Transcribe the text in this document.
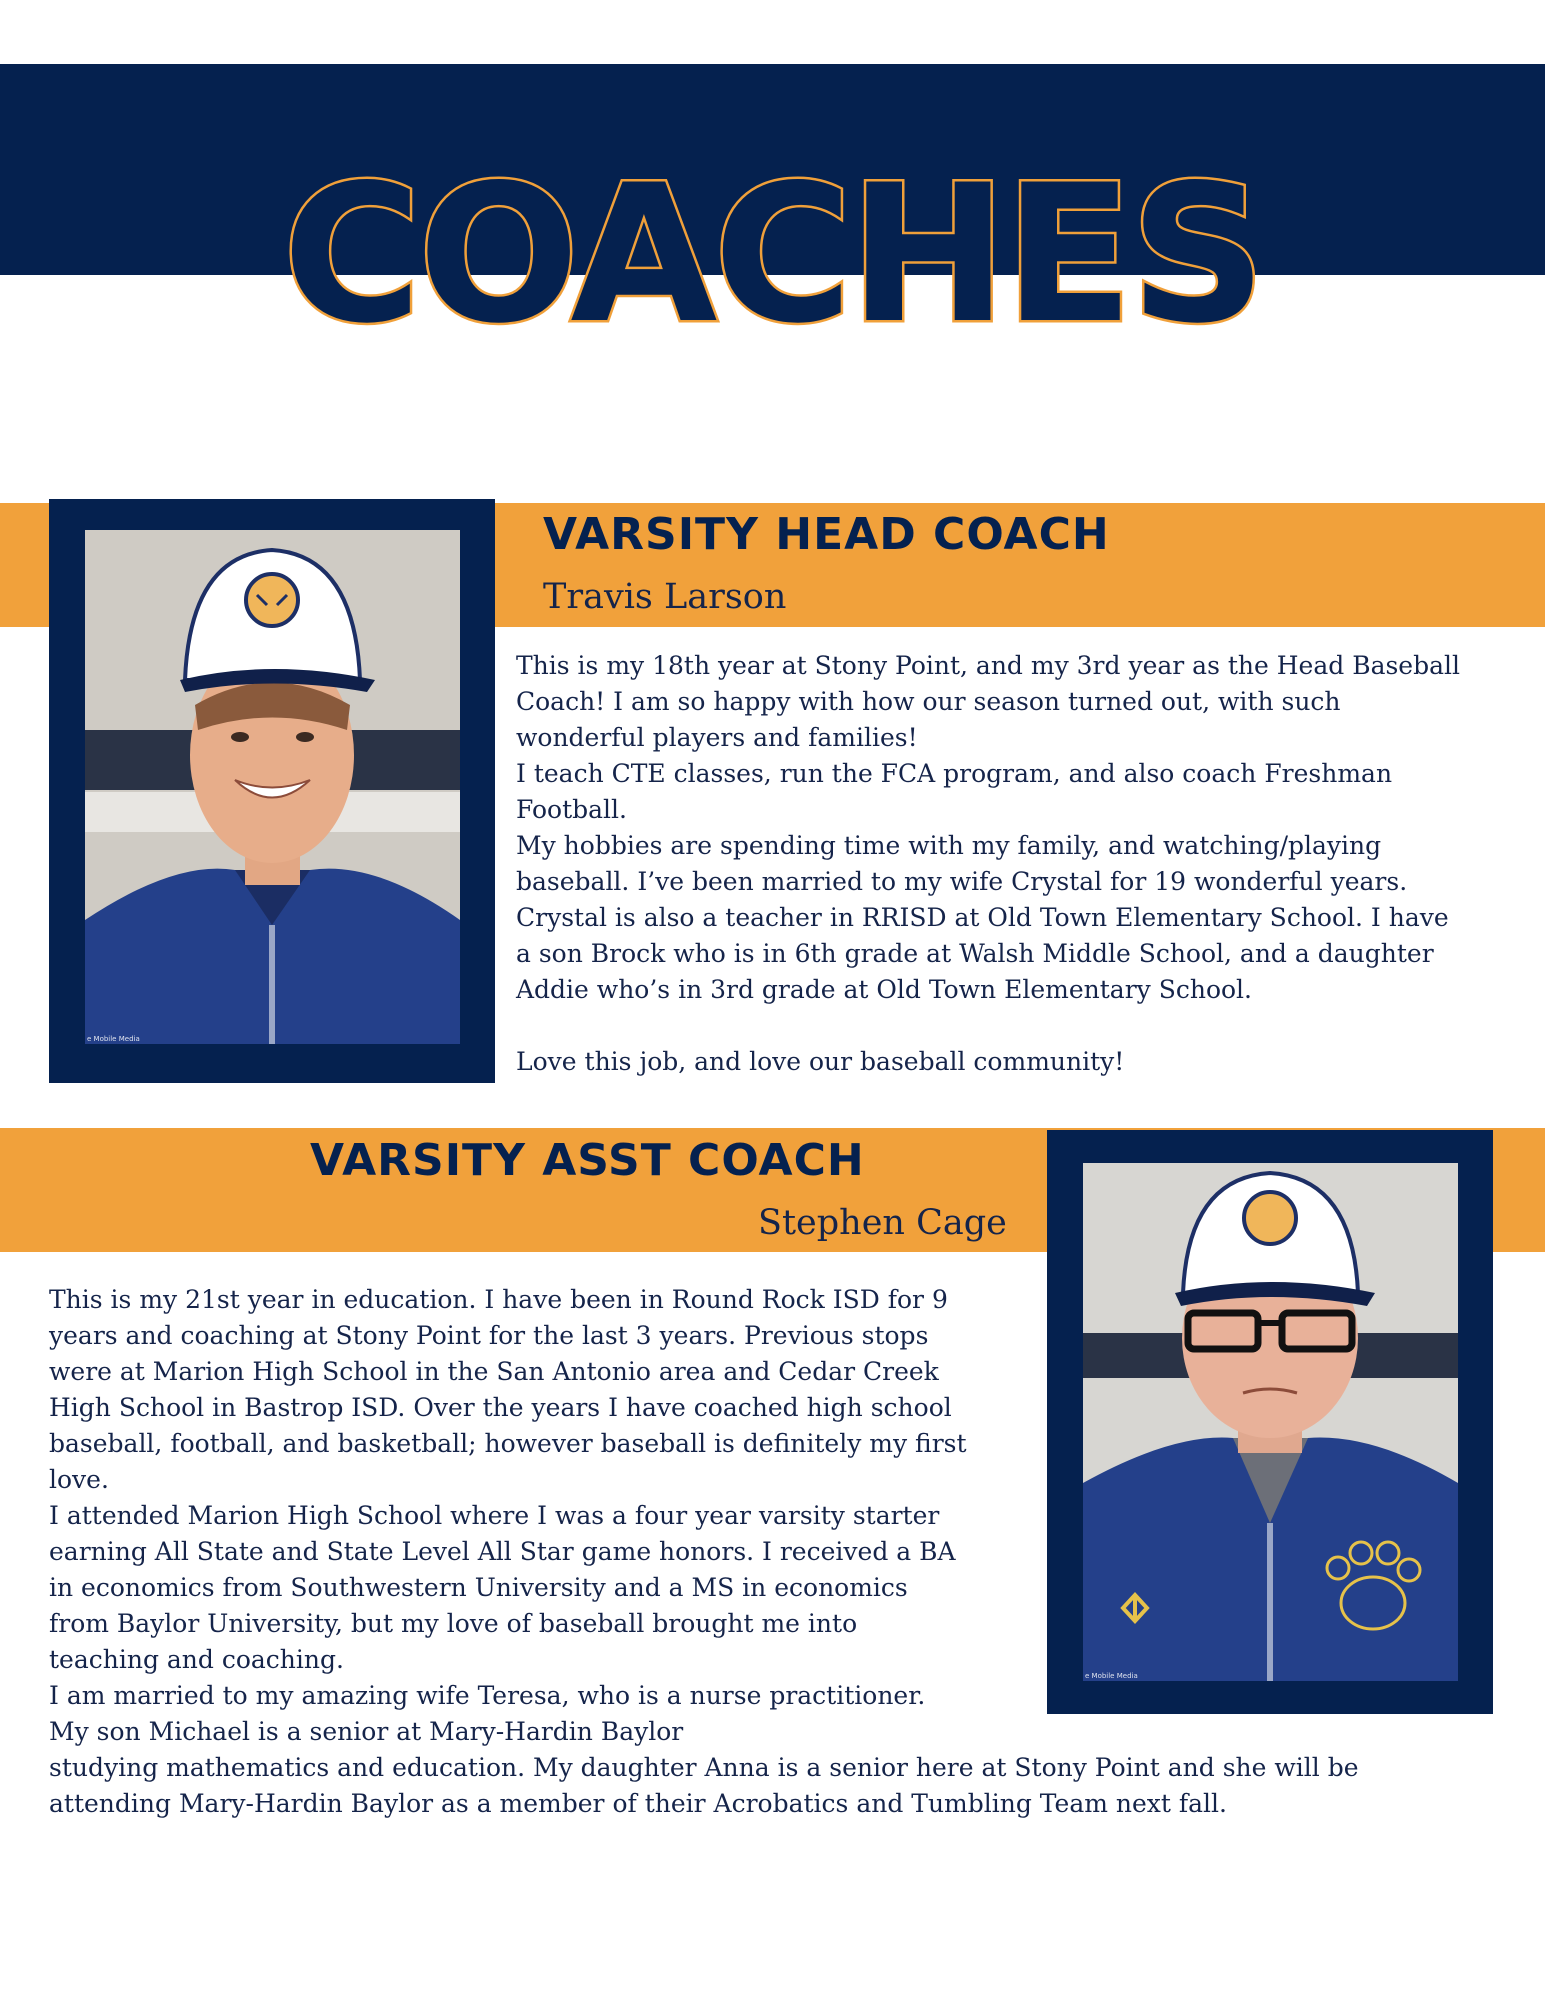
COACHES
e Mobile Media
VARSITY HEAD COACH
Travis Larson

This is my 18th year at Stony Point, and my 3rd year as the Head Baseball

Coach! I am so happy with how our season turned out, with such

wonderful players and families!

I teach CTE classes, run the FCA program, and also coach Freshman

Football.

My hobbies are spending time with my family, and watching/playing

baseball. I’ve been married to my wife Crystal for 19 wonderful years.

Crystal is also a teacher in RRISD at Old Town Elementary School. I have

a son Brock who is in 6th grade at Walsh Middle School, and a daughter

Addie who’s in 3rd grade at Old Town Elementary School.

Love this job, and love our baseball community!

e Mobile Media
VARSITY ASST COACH
Stephen Cage

This is my 21st year in education. I have been in Round Rock ISD for 9

years and coaching at Stony Point for the last 3 years. Previous stops

were at Marion High School in the San Antonio area and Cedar Creek

High School in Bastrop ISD. Over the years I have coached high school

baseball, football, and basketball; however baseball is definitely my first

love.

I attended Marion High School where I was a four year varsity starter

earning All State and State Level All Star game honors. I received a BA

in economics from Southwestern University and a MS in economics

from Baylor University, but my love of baseball brought me into

teaching and coaching.

I am married to my amazing wife Teresa, who is a nurse practitioner.

My son Michael is a senior at Mary-Hardin Baylor

studying mathematics and education. My daughter Anna is a senior here at Stony Point and she will be

attending Mary-Hardin Baylor as a member of their Acrobatics and Tumbling Team next fall.
